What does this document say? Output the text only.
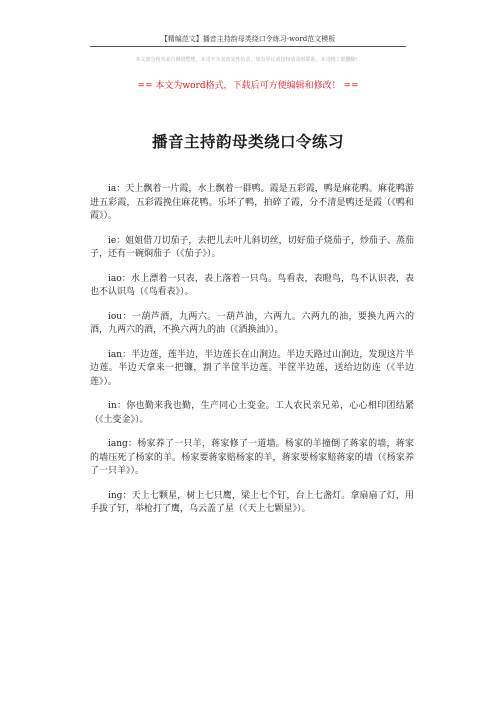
【精编范文】播音主持韵母类绕口令练习-word范文模板
本文部分内容来自网络整理，本司不为其真实性负责，如有异议或侵权请及时联系，本司将立即删除！
== 本文为word格式，下载后可方便编辑和修改！ ==
播音主持韵母类绕口令练习

ia：天上飘着一片霞，水上飘着一群鸭。霞是五彩霞，鸭是麻花鸭。麻花鸭游进五彩霞，五彩霞挽住麻花鸭。乐坏了鸭，拍碎了霞，分不清是鸭还是霞（《鸭和霞》）。

ie：姐姐借刀切茄子，去把儿去叶儿斜切丝，切好茄子烧茄子，炒茄子、蒸茄子，还有一碗焖茄子（《茄子》）。

iao：水上漂着一只表，表上落着一只鸟。鸟看表，表瞪鸟，鸟不认识表，表也不认识鸟（《鸟看表》）。

iou：一葫芦酒，九两六。一葫芦油，六两九。六两九的油，要换九两六的酒，九两六的酒，不换六两九的油（《酒换油》）。

ian：半边莲，莲半边，半边莲长在山涧边。半边天路过山涧边，发现这片半边莲。半边天拿来一把镰，割了半筐半边莲。半筐半边莲，送给边防连（《半边莲》）。

in：你也勤来我也勤，生产同心土变金。工人农民亲兄弟，心心相印团结紧（《土变金》）。

iang：杨家养了一只羊，蒋家修了一道墙。杨家的羊撞倒了蒋家的墙，蒋家的墙压死了杨家的羊。杨家要蒋家赔杨家的羊，蒋家要杨家赔蒋家的墙（《杨家养了一只羊》）。

ing：天上七颗星，树上七只鹰，梁上七个钉，台上七盏灯。拿扇扇了灯，用手拔了钉，举枪打了鹰，乌云盖了星（《天上七颗星》）。
